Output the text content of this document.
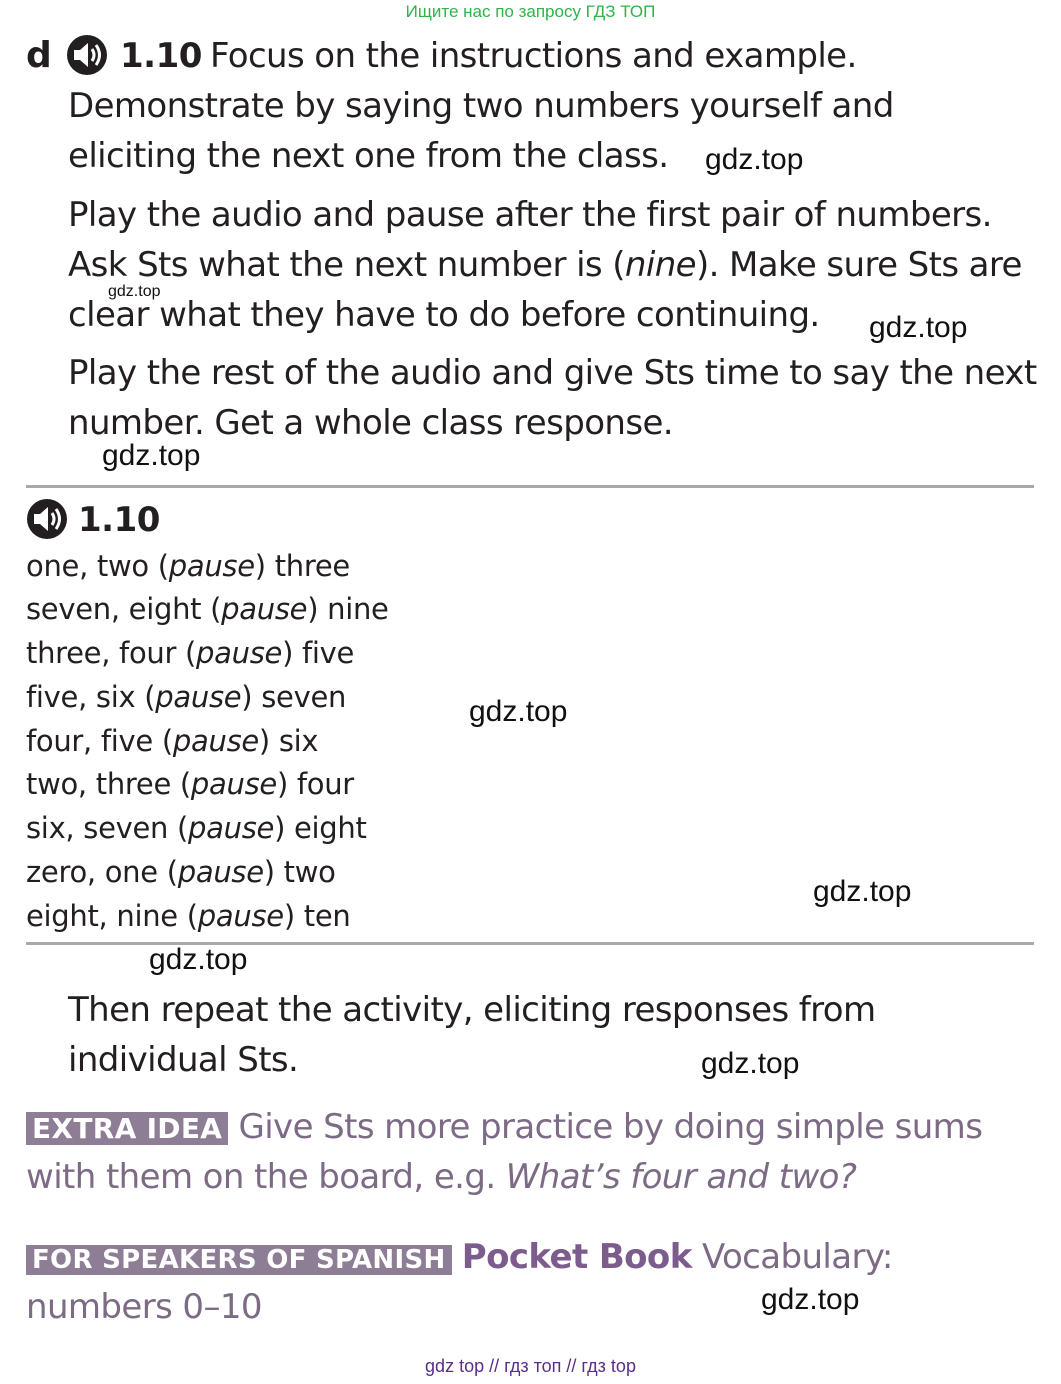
Ищите нас по запросу ГДЗ ТОП
d 1.10 Focus on the instructions and example.
Demonstrate by saying two numbers yourself and
eliciting the next one from the class.
Play the audio and pause after the first pair of numbers.
Ask Sts what the next number is (nine). Make sure Sts are
clear what they have to do before continuing.
Play the rest of the audio and give Sts time to say the next
number. Get a whole class response.
1.10
one, two (pause) three
seven, eight (pause) nine
three, four (pause) five
five, six (pause) seven
four, five (pause) six
two, three (pause) four
six, seven (pause) eight
zero, one (pause) two
eight, nine (pause) ten
Then repeat the activity, eliciting responses from
individual Sts.
EXTRA IDEA Give Sts more practice by doing simple sums
with them on the board, e.g. What’s four and two?
FOR SPEAKERS OF SPANISH Pocket Book Vocabulary:
numbers 0–10
gdz.top
gdz.top
gdz.top
gdz.top
gdz.top
gdz.top
gdz.top
gdz.top
gdz.top
gdz top // гдз топ // гдз top
